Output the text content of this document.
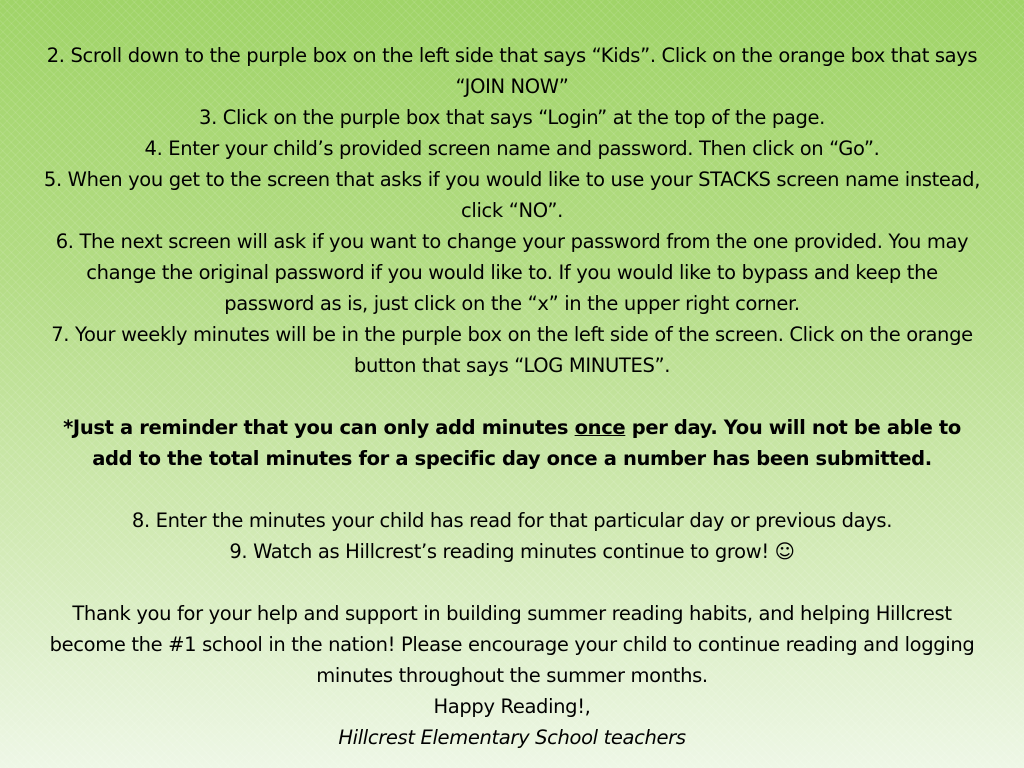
2. Scroll down to the purple box on the left side that says “Kids”. Click on the orange box that says “JOIN NOW”

3. Click on the purple box that says “Login” at the top of the page.

4. Enter your child’s provided screen name and password. Then click on “Go”.

5. When you get to the screen that asks if you would like to use your STACKS screen name instead, click “NO”.

6. The next screen will ask if you want to change your password from the one provided. You may change the original password if you would like to. If you would like to bypass and keep the password as is, just click on the “x” in the upper right corner.

7. Your weekly minutes will be in the purple box on the left side of the screen. Click on the orange button that says “LOG MINUTES”.

*Just a reminder that you can only add minutes once per day. You will not be able to add to the total minutes for a specific day once a number has been submitted.

8. Enter the minutes your child has read for that particular day or previous days.

9. Watch as Hillcrest’s reading minutes continue to grow! ☺

Thank you for your help and support in building summer reading habits, and helping Hillcrest become the #1 school in the nation! Please encourage your child to continue reading and logging minutes throughout the summer months.

Happy Reading!,

Hillcrest Elementary School teachers
